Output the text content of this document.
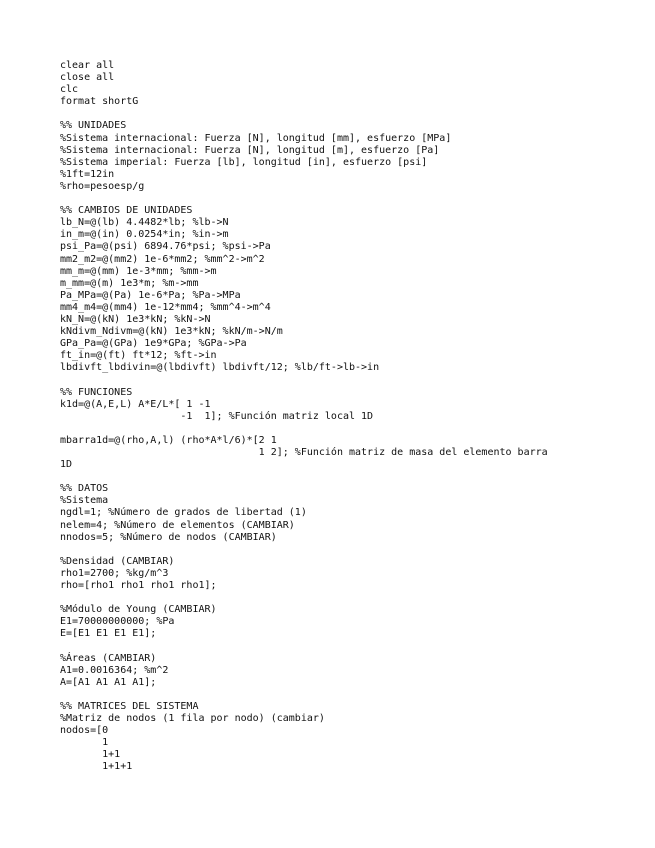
clear all
close all
clc
format shortG
%% UNIDADES
%Sistema internacional: Fuerza [N], longitud [mm], esfuerzo [MPa]
%Sistema internacional: Fuerza [N], longitud [m], esfuerzo [Pa]
%Sistema imperial: Fuerza [lb], longitud [in], esfuerzo [psi]
%1ft=12in
%rho=pesoesp/g
%% CAMBIOS DE UNIDADES
lb_N=@(lb) 4.4482*lb; %lb->N
in_m=@(in) 0.0254*in; %in->m
psi_Pa=@(psi) 6894.76*psi; %psi->Pa
mm2_m2=@(mm2) 1e-6*mm2; %mm^2->m^2
mm_m=@(mm) 1e-3*mm; %mm->m
m_mm=@(m) 1e3*m; %m->mm
Pa_MPa=@(Pa) 1e-6*Pa; %Pa->MPa
mm4_m4=@(mm4) 1e-12*mm4; %mm^4->m^4
kN_N=@(kN) 1e3*kN; %kN->N
kNdivm_Ndivm=@(kN) 1e3*kN; %kN/m->N/m
GPa_Pa=@(GPa) 1e9*GPa; %GPa->Pa
ft_in=@(ft) ft*12; %ft->in
lbdivft_lbdivin=@(lbdivft) lbdivft/12; %lb/ft->lb->in
%% FUNCIONES
k1d=@(A,E,L) A*E/L*[ 1 -1
-1  1]; %Función matriz local 1D
mbarra1d=@(rho,A,l) (rho*A*l/6)*[2 1
1 2]; %Función matriz de masa del elemento barra
1D
%% DATOS
%Sistema
ngdl=1; %Número de grados de libertad (1)
nelem=4; %Número de elementos (CAMBIAR)
nnodos=5; %Número de nodos (CAMBIAR)
%Densidad (CAMBIAR)
rho1=2700; %kg/m^3
rho=[rho1 rho1 rho1 rho1];
%Módulo de Young (CAMBIAR)
E1=70000000000; %Pa
E=[E1 E1 E1 E1];
%Áreas (CAMBIAR)
A1=0.0016364; %m^2
A=[A1 A1 A1 A1];
%% MATRICES DEL SISTEMA
%Matriz de nodos (1 fila por nodo) (cambiar)
nodos=[0
1
1+1
1+1+1
